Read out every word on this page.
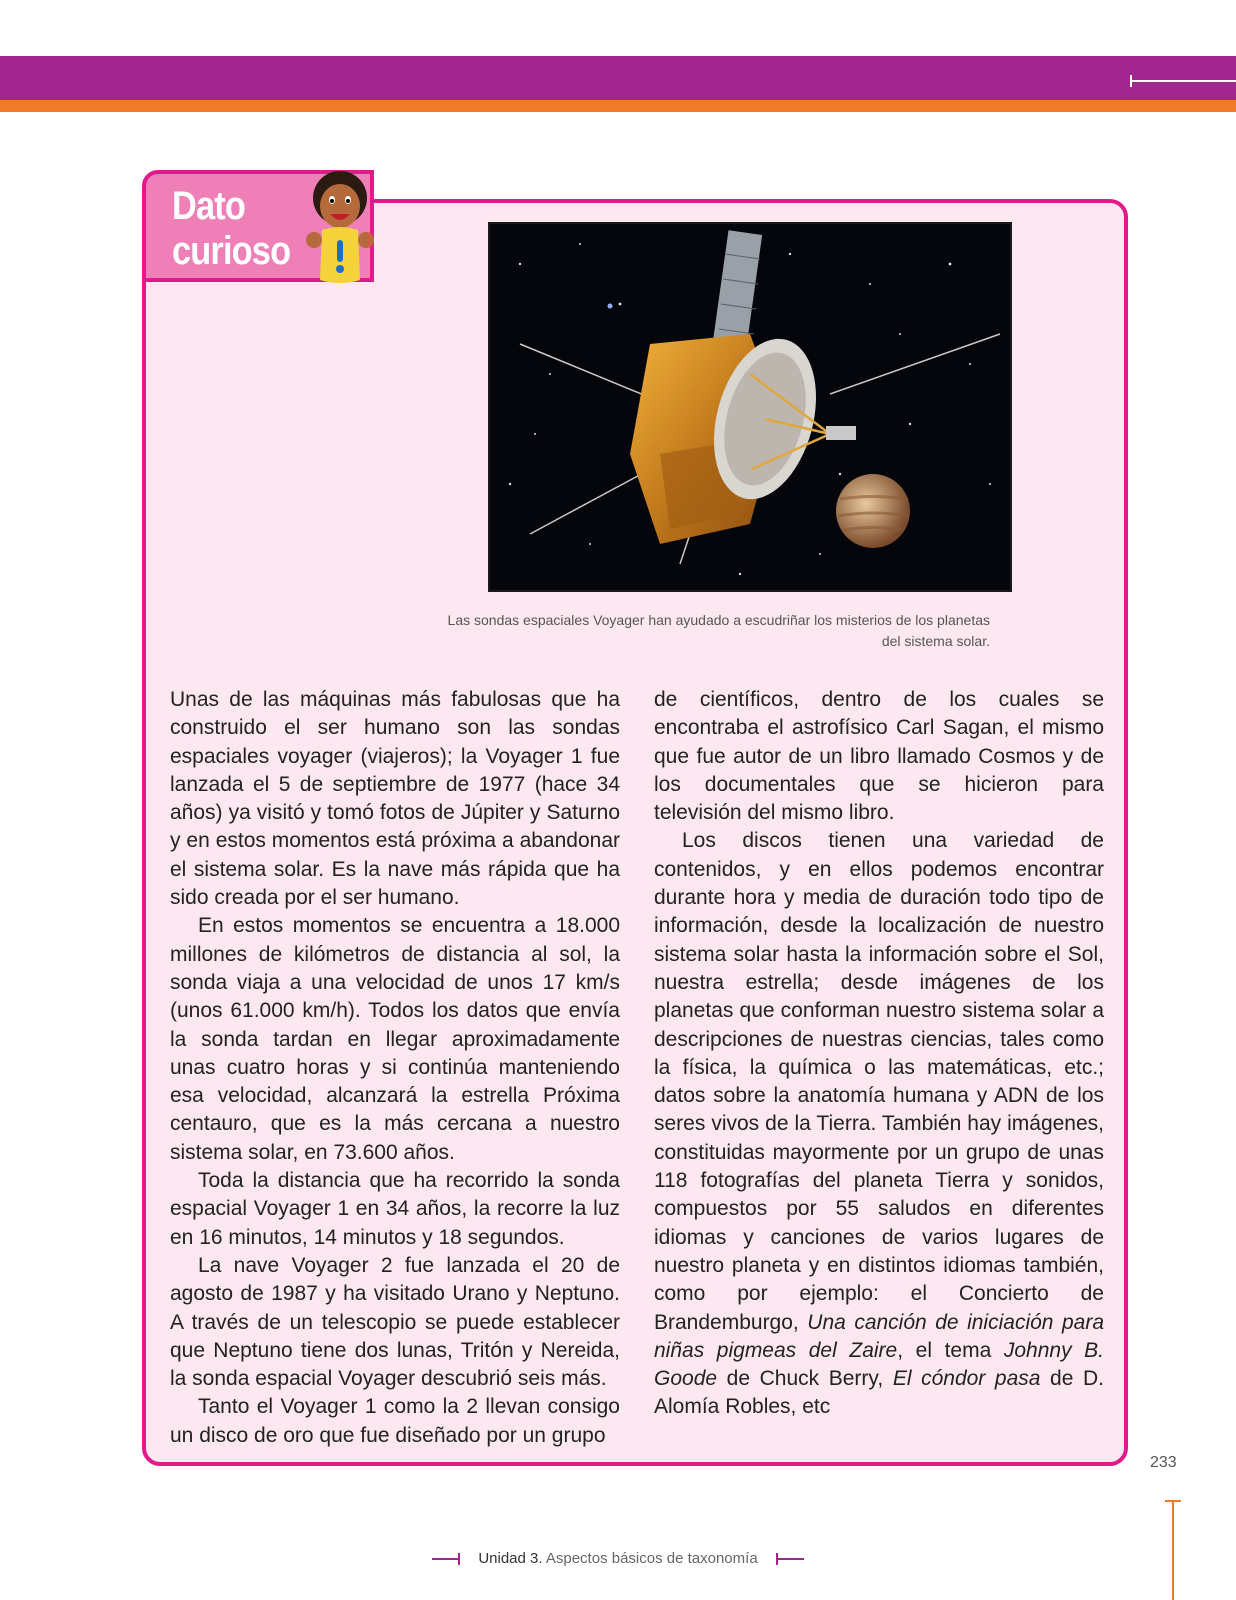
Dato
curioso
Las sondas espaciales Voyager han ayudado a escudriñar los misterios de los planetas del sistema solar.

Unas de las máquinas más fabulosas que ha construido el ser humano son las sondas espaciales voyager (viajeros); la Voyager 1 fue lanzada el 5 de septiembre de 1977 (hace 34 años) ya visitó y tomó fotos de Júpiter y Saturno y en estos momentos está próxima a abandonar el sistema solar. Es la nave más rápida que ha sido creada por el ser humano.

En estos momentos se encuentra a 18.000 millones de kilómetros de distancia al sol, la sonda viaja a una velocidad de unos 17 km/s (unos 61.000 km/h). Todos los datos que envía la sonda tardan en llegar aproximadamente unas cuatro horas y si continúa manteniendo esa velocidad, alcanzará la estrella Próxima centauro, que es la más cercana a nuestro sistema solar, en 73.600 años.

Toda la distancia que ha recorrido la sonda espacial Voyager 1 en 34 años, la recorre la luz en 16 minutos, 14 minutos y 18 segundos.

La nave Voyager 2 fue lanzada el 20 de agosto de 1987 y ha visitado Urano y Neptuno. A través de un telescopio se puede establecer que Neptuno tiene dos lunas, Tritón y Nereida, la sonda espacial Voyager descubrió seis más.

Tanto el Voyager 1 como la 2 llevan consigo un disco de oro que fue diseñado por un grupo

de científicos, dentro de los cuales se encontraba el astrofísico Carl Sagan, el mismo que fue autor de un libro llamado Cosmos y de los documentales que se hicieron para televisión del mismo libro.

Los discos tienen una variedad de contenidos, y en ellos podemos encontrar durante hora y media de duración todo tipo de información, desde la localización de nuestro sistema solar hasta la información sobre el Sol, nuestra estrella; desde imágenes de los planetas que conforman nuestro sistema solar a descripciones de nuestras ciencias, tales como la física, la química o las matemáticas, etc.; datos sobre la anatomía humana y ADN de los seres vivos de la Tierra. También hay imágenes, constituidas mayormente por un grupo de unas 118 fotografías del planeta Tierra y sonidos, compuestos por 55 saludos en diferentes idiomas y canciones de varios lugares de nuestro planeta y en distintos idiomas también, como por ejemplo: el Concierto de Brandemburgo, Una canción de iniciación para niñas pigmeas del Zaire, el tema Johnny B. Goode de Chuck Berry, El cóndor pasa de D. Alomía Robles, etc

233
Unidad 3. Aspectos básicos de taxonomía
